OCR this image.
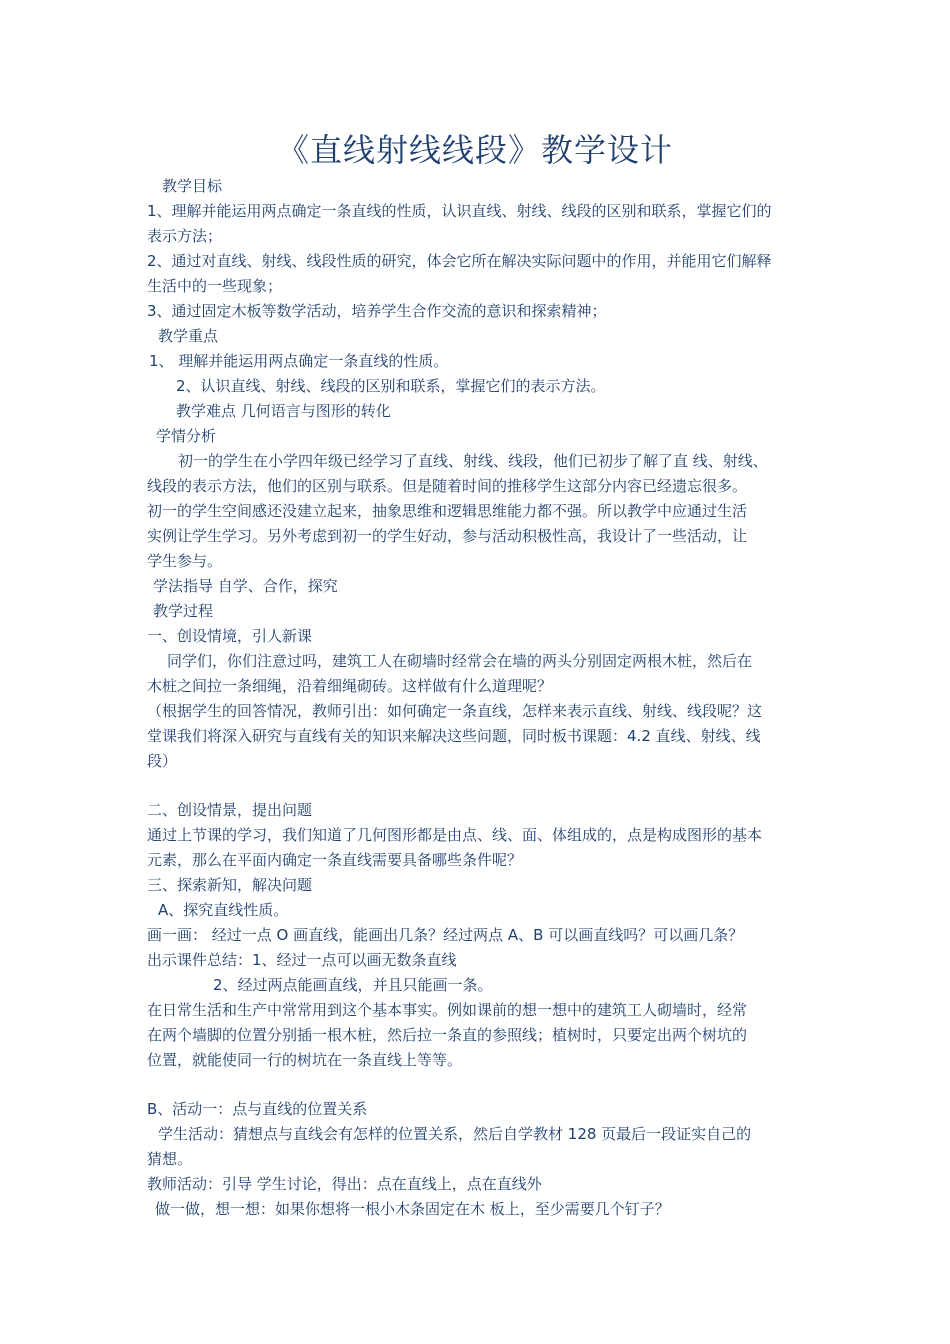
《直线射线线段》教学设计
教学目标
1、理解并能运用两点确定一条直线的性质，认识直线、射线、线段的区别和联系，掌握它们的
表示方法；
2、通过对直线、射线、线段性质的研究，体会它所在解决实际问题中的作用，并能用它们解释
生活中的一些现象；
3、通过固定木板等数学活动，培养学生合作交流的意识和探索精神；
教学重点
1、 理解并能运用两点确定一条直线的性质。
2、认识直线、射线、线段的区别和联系，掌握它们的表示方法。
教学难点 几何语言与图形的转化
学情分析
初一的学生在小学四年级已经学习了直线、射线、线段，他们已初步了解了直 线、射线、
线段的表示方法，他们的区别与联系。但是随着时间的推移学生这部分内容已经遗忘很多。
初一的学生空间感还没建立起来，抽象思维和逻辑思维能力都不强。所以教学中应通过生活
实例让学生学习。另外考虑到初一的学生好动，参与活动积极性高，我设计了一些活动，让
学生参与。
学法指导 自学、合作，探究
教学过程
一、创设情境，引人新课
同学们，你们注意过吗，建筑工人在砌墙时经常会在墙的两头分别固定两根木桩，然后在
木桩之间拉一条细绳，沿着细绳砌砖。这样做有什么道理呢？
（根据学生的回答情况，教师引出：如何确定一条直线，怎样来表示直线、射线、线段呢？这
堂课我们将深入研究与直线有关的知识来解决这些问题，同时板书课题：4.2 直线、射线、线
段）
二、创设情景，提出问题
通过上节课的学习，我们知道了几何图形都是由点、线、面、体组成的，点是构成图形的基本
元素，那么在平面内确定一条直线需要具备哪些条件呢？
三、探索新知，解决问题
A、探究直线性质。
画一画： 经过一点 O 画直线，能画出几条？经过两点 A、B 可以画直线吗？可以画几条？
出示课件总结：1、经过一点可以画无数条直线
2、经过两点能画直线，并且只能画一条。
在日常生活和生产中常常用到这个基本事实。例如课前的想一想中的建筑工人砌墙时，经常
在两个墙脚的位置分别插一根木桩，然后拉一条直的参照线；植树时，只要定出两个树坑的
位置，就能使同一行的树坑在一条直线上等等。
B、活动一：点与直线的位置关系
学生活动：猜想点与直线会有怎样的位置关系，然后自学教材 128 页最后一段证实自己的
猜想。
教师活动：引导 学生讨论，得出：点在直线上，点在直线外
做一做，想一想：如果你想将一根小木条固定在木 板上，至少需要几个钉子？
